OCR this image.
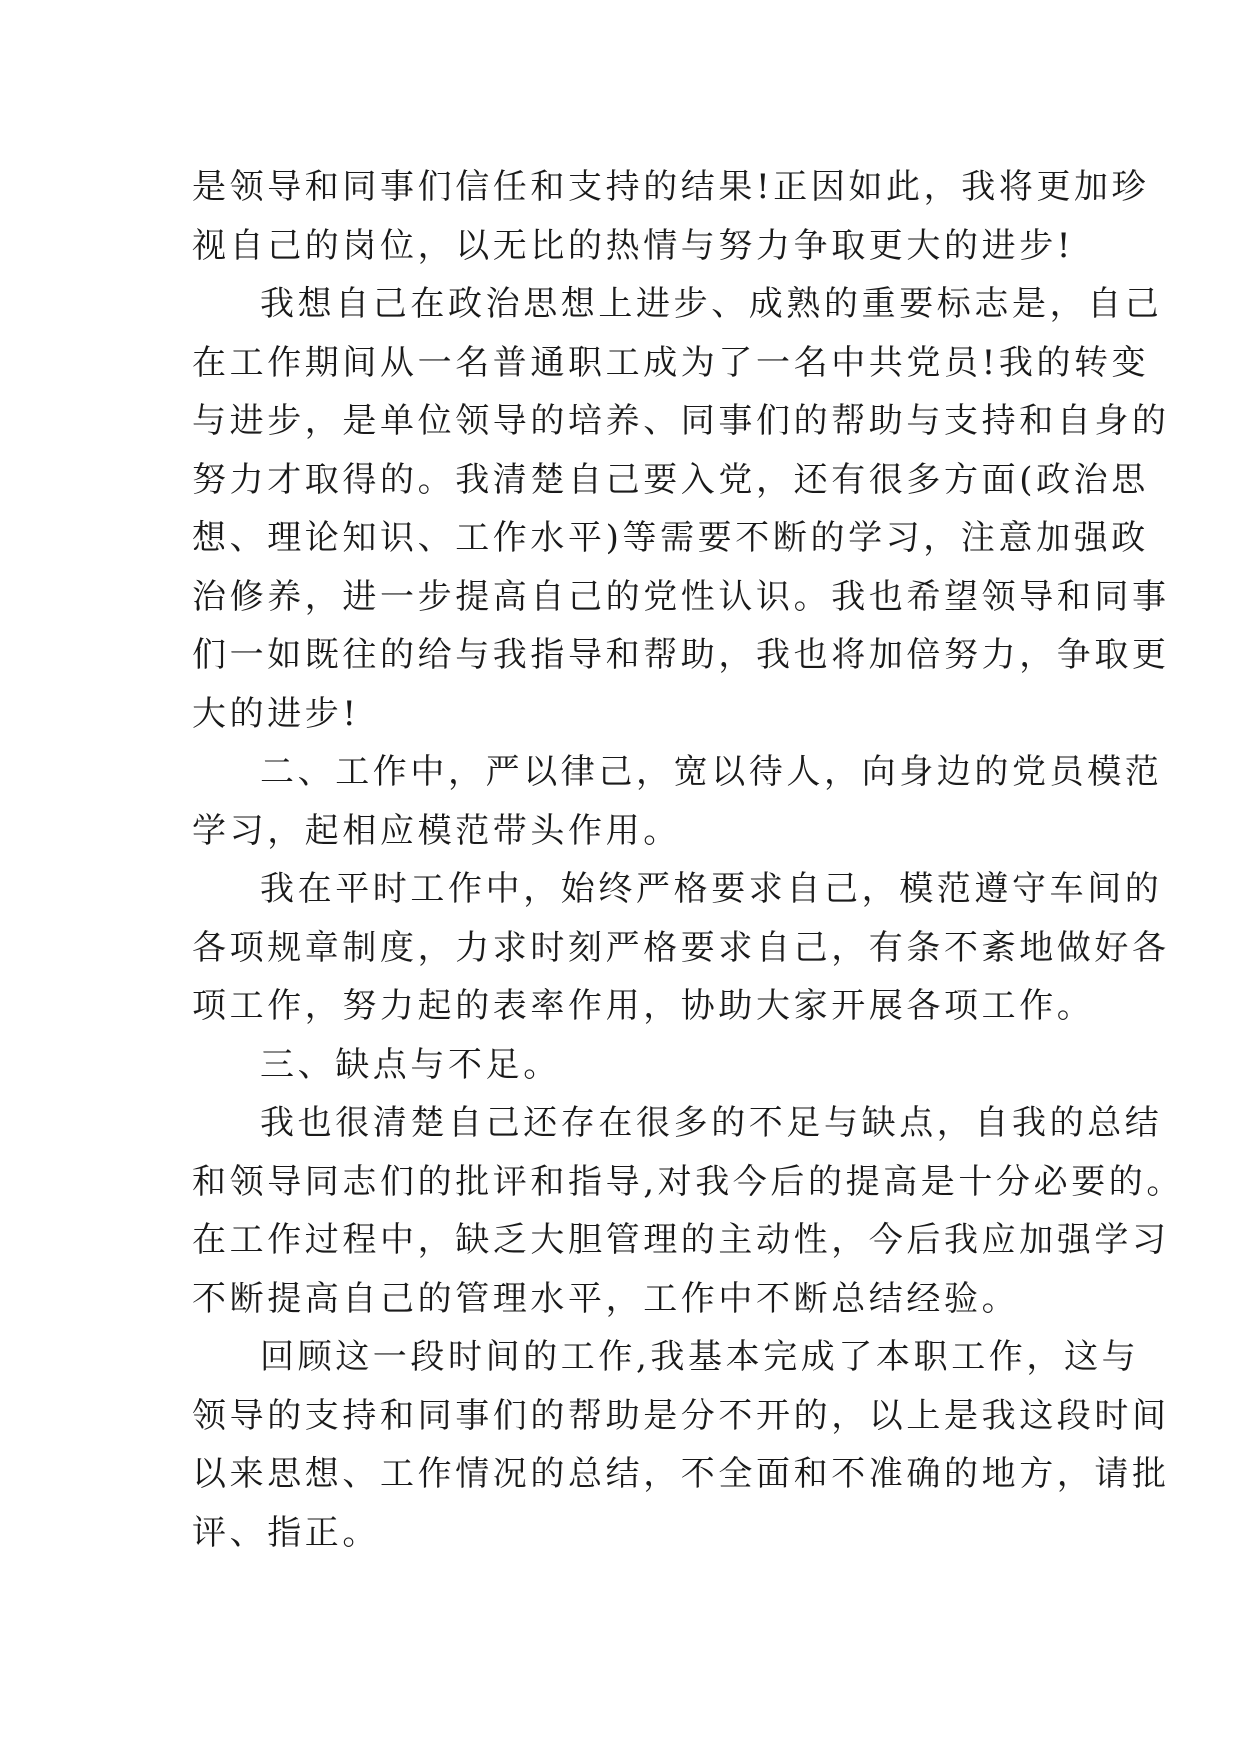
是领导和同事们信任和支持的结果!正因如此，我将更加珍
视自己的岗位，以无比的热情与努力争取更大的进步!
我想自己在政治思想上进步、成熟的重要标志是，自己
在工作期间从一名普通职工成为了一名中共党员!我的转变
与进步，是单位领导的培养、同事们的帮助与支持和自身的
努力才取得的。我清楚自己要入党，还有很多方面(政治思
想、理论知识、工作水平)等需要不断的学习，注意加强政
治修养，进一步提高自己的党性认识。我也希望领导和同事
们一如既往的给与我指导和帮助，我也将加倍努力，争取更
大的进步!
二、工作中，严以律己，宽以待人，向身边的党员模范
学习，起相应模范带头作用。
我在平时工作中，始终严格要求自己，模范遵守车间的
各项规章制度，力求时刻严格要求自己，有条不紊地做好各
项工作，努力起的表率作用，协助大家开展各项工作。
三、缺点与不足。
我也很清楚自己还存在很多的不足与缺点，自我的总结
和领导同志们的批评和指导,对我今后的提高是十分必要的。
在工作过程中，缺乏大胆管理的主动性，今后我应加强学习
不断提高自己的管理水平，工作中不断总结经验。
回顾这一段时间的工作,我基本完成了本职工作，这与
领导的支持和同事们的帮助是分不开的，以上是我这段时间
以来思想、工作情况的总结，不全面和不准确的地方，请批
评、指正。
